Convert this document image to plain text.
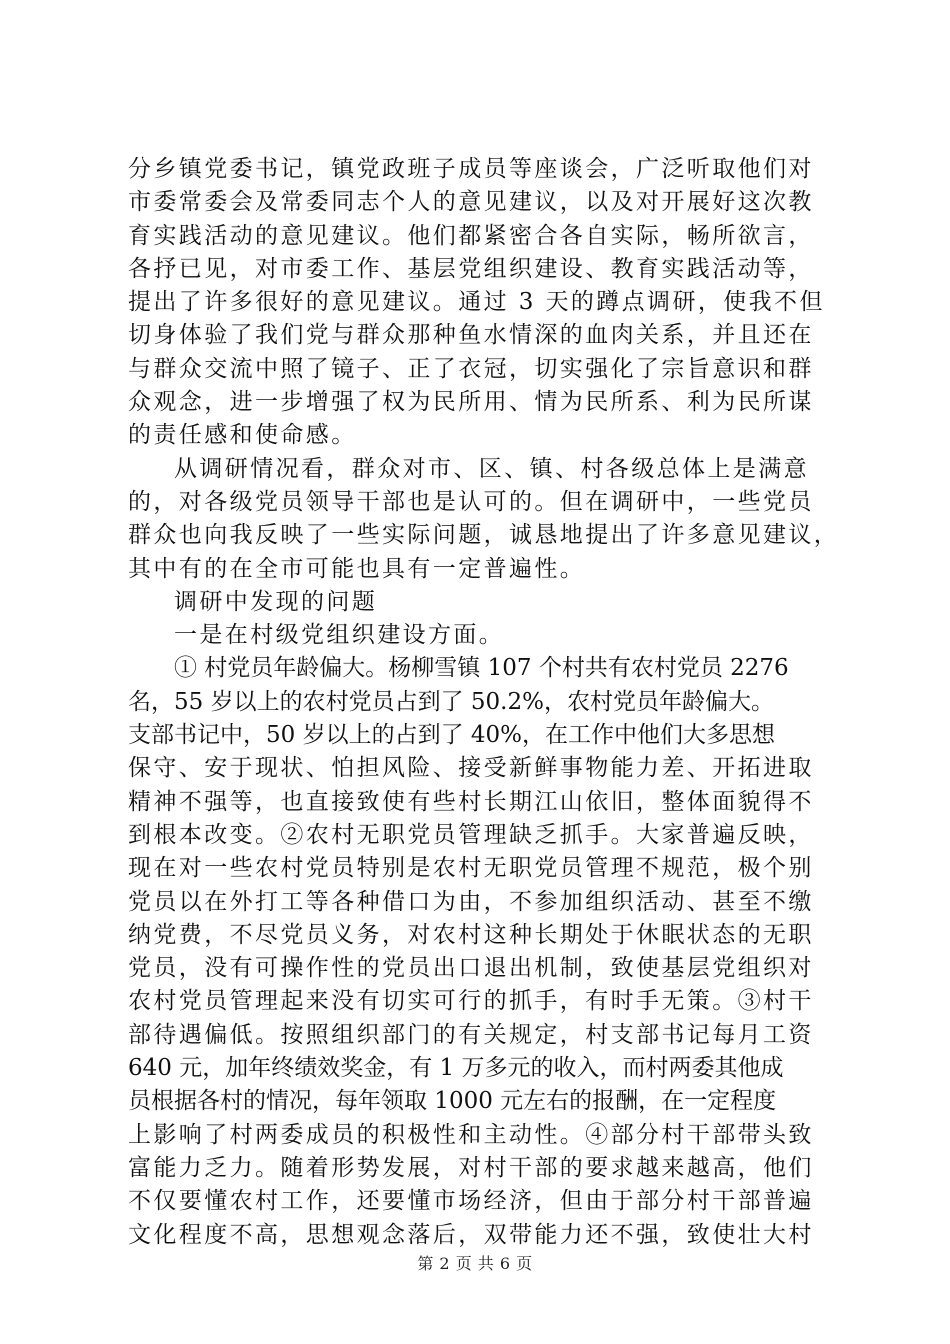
分乡镇党委书记，镇党政班子成员等座谈会，广泛听取他们对
市委常委会及常委同志个人的意见建议，以及对开展好这次教
育实践活动的意见建议。他们都紧密合各自实际，畅所欲言，
各抒已见，对市委工作、基层党组织建设、教育实践活动等，
提出了许多很好的意见建议。通过 3 天的蹲点调研，使我不但
切身体验了我们党与群众那种鱼水情深的血肉关系，并且还在
与群众交流中照了镜子、正了衣冠，切实强化了宗旨意识和群
众观念，进一步增强了权为民所用、情为民所系、利为民所谋
的责任感和使命感。
从调研情况看，群众对市、区、镇、村各级总体上是满意
的，对各级党员领导干部也是认可的。但在调研中，一些党员
群众也向我反映了一些实际问题，诚恳地提出了许多意见建议，
其中有的在全市可能也具有一定普遍性。
调研中发现的问题
一是在村级党组织建设方面。
① 村党员年龄偏大。杨柳雪镇 107 个村共有农村党员 2276
名，55 岁以上的农村党员占到了 50.2%，农村党员年龄偏大。
支部书记中，50 岁以上的占到了 40%，在工作中他们大多思想
保守、安于现状、怕担风险、接受新鲜事物能力差、开拓进取
精神不强等，也直接致使有些村长期江山依旧，整体面貌得不
到根本改变。②农村无职党员管理缺乏抓手。大家普遍反映，
现在对一些农村党员特别是农村无职党员管理不规范，极个别
党员以在外打工等各种借口为由，不参加组织活动、甚至不缴
纳党费，不尽党员义务，对农村这种长期处于休眠状态的无职
党员，没有可操作性的党员出口退出机制，致使基层党组织对
农村党员管理起来没有切实可行的抓手，有时手无策。③村干
部待遇偏低。按照组织部门的有关规定，村支部书记每月工资
640 元，加年终绩效奖金，有 1 万多元的收入，而村两委其他成
员根据各村的情况，每年领取 1000 元左右的报酬，在一定程度
上影响了村两委成员的积极性和主动性。④部分村干部带头致
富能力乏力。随着形势发展，对村干部的要求越来越高，他们
不仅要懂农村工作，还要懂市场经济，但由于部分村干部普遍
文化程度不高，思想观念落后，双带能力还不强，致使壮大村
第 2 页 共 6 页
